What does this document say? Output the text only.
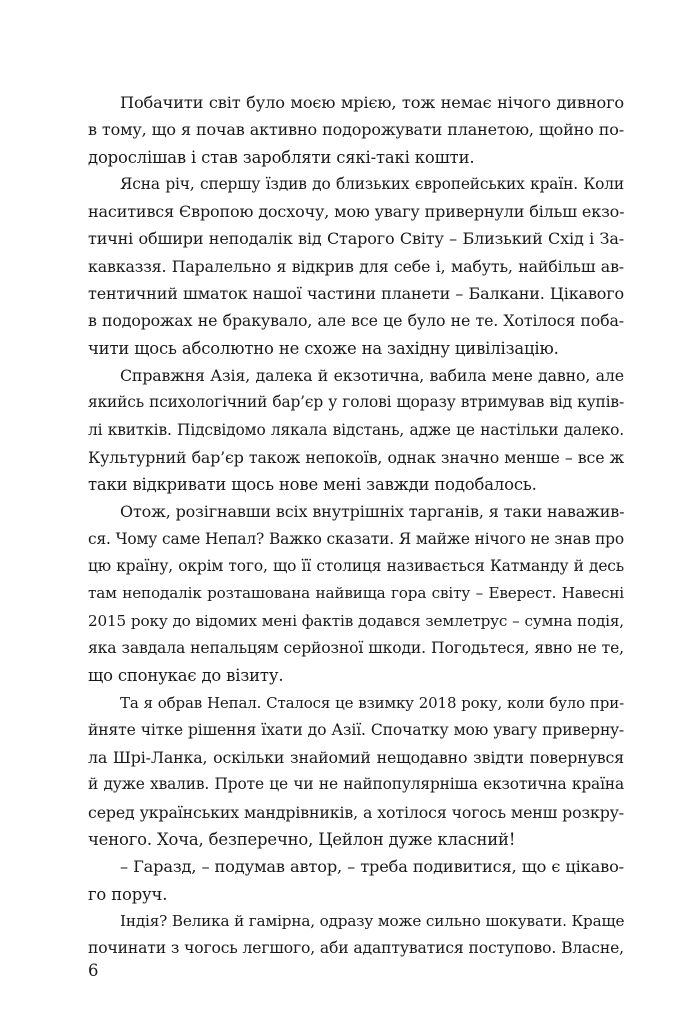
Побачити світ було моєю мрією, тож немає нічого дивного
в тому, що я почав активно подорожувати планетою, щойно по-
дорослішав і став заробляти сякі-такі кошти.
Ясна річ, спершу їздив до близьких європейських країн. Коли
наситився Європою досхочу, мою увагу привернули більш екзо-
тичні обшири неподалік від Старого Світу – Близький Схід і За-
кавказзя. Паралельно я відкрив для себе і, мабуть, найбільш ав-
тентичний шматок нашої частини планети – Балкани. Цікавого
в подорожах не бракувало, але все це було не те. Хотілося поба-
чити щось абсолютно не схоже на західну цивілізацію.
Справжня Азія, далека й екзотична, вабила мене давно, але
якийсь психологічний бар’єр у голові щоразу втримував від купів-
лі квитків. Підсвідомо лякала відстань, адже це настільки далеко.
Культурний бар’єр також непокоїв, однак значно менше – все ж
таки відкривати щось нове мені завжди подобалось.
Отож, розігнавши всіх внутрішніх тарганів, я таки наважив-
ся. Чому саме Непал? Важко сказати. Я майже нічого не знав про
цю країну, окрім того, що її столиця називається Катманду й десь
там неподалік розташована найвища гора світу – Еверест. Навесні
2015 року до відомих мені фактів додався землетрус – сумна подія,
яка завдала непальцям серйозної шкоди. Погодьтеся, явно не те,
що спонукає до візиту.
Та я обрав Непал. Сталося це взимку 2018 року, коли було при-
йняте чітке рішення їхати до Азії. Спочатку мою увагу привернy-
ла Шрі-Ланка, оскільки знайомий нещодавно звідти повернувся
й дуже хвалив. Проте це чи не найпопулярніша екзотична країна
серед українських мандрівників, а хотілося чогось менш розкру-
ченого. Хоча, безперечно, Цейлон дуже класний!
– Гаразд, – подумав автор, – треба подивитися, що є цікаво-
го поруч.
Індія? Велика й гамірна, одразу може сильно шокувати. Краще
починати з чогось легшого, аби адаптуватися поступово. Власне,
6
